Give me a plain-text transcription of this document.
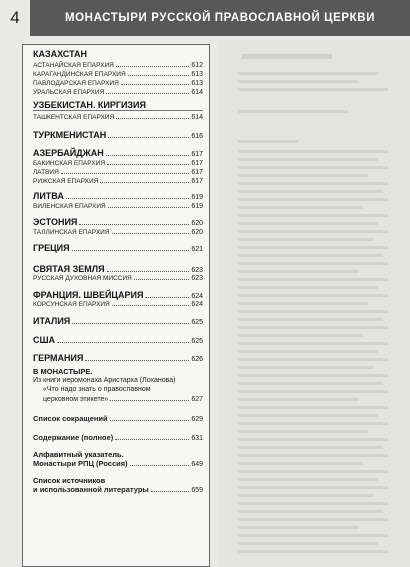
4	МОНАСТЫРИ РУССКОЙ ПРАВОСЛАВНОЙ ЦЕРКВИ
КАЗАХСТАН
АСТАНАЙСКАЯ ЕПАРХИЯ	612
КАРАГАНДИНСКАЯ ЕПАРХИЯ	613
ПАВЛОДАРСКАЯ ЕПАРХИЯ	613
УРАЛЬСКАЯ ЕПАРХИЯ	614
УЗБЕКИСТАН. КИРГИЗИЯ
ТАШКЕНТСКАЯ ЕПАРХИЯ	614
ТУРКМЕНИСТАН	616
АЗЕРБАЙДЖАН	617
БАКИНСКАЯ ЕПАРХИЯ	617
ЛАТВИЯ	617
РИЖСКАЯ ЕПАРХИЯ	617
ЛИТВА	619
ВИЛЕНСКАЯ ЕПАРХИЯ	619
ЭСТОНИЯ	620
ТАЛЛИНСКАЯ ЕПАРХИЯ	620
ГРЕЦИЯ	621
СВЯТАЯ ЗЕМЛЯ	623
РУССКАЯ ДУХОВНАЯ МИССИЯ	623
ФРАНЦИЯ. ШВЕЙЦАРИЯ	624
КОРСУНСКАЯ ЕПАРХИЯ	624
ИТАЛИЯ	625
США	625
ГЕРМАНИЯ	626
В МОНАСТЫРЕ.
Из книги иеромонаха Аристарха (Лоханова)
«Что надо знать о православном
церковном этикете»	627
Список сокращений	629
Содержание (полное)	631
Алфавитный указатель.
Монастыри РПЦ (Россия)	649
Список источников
и использованной литературы	659
